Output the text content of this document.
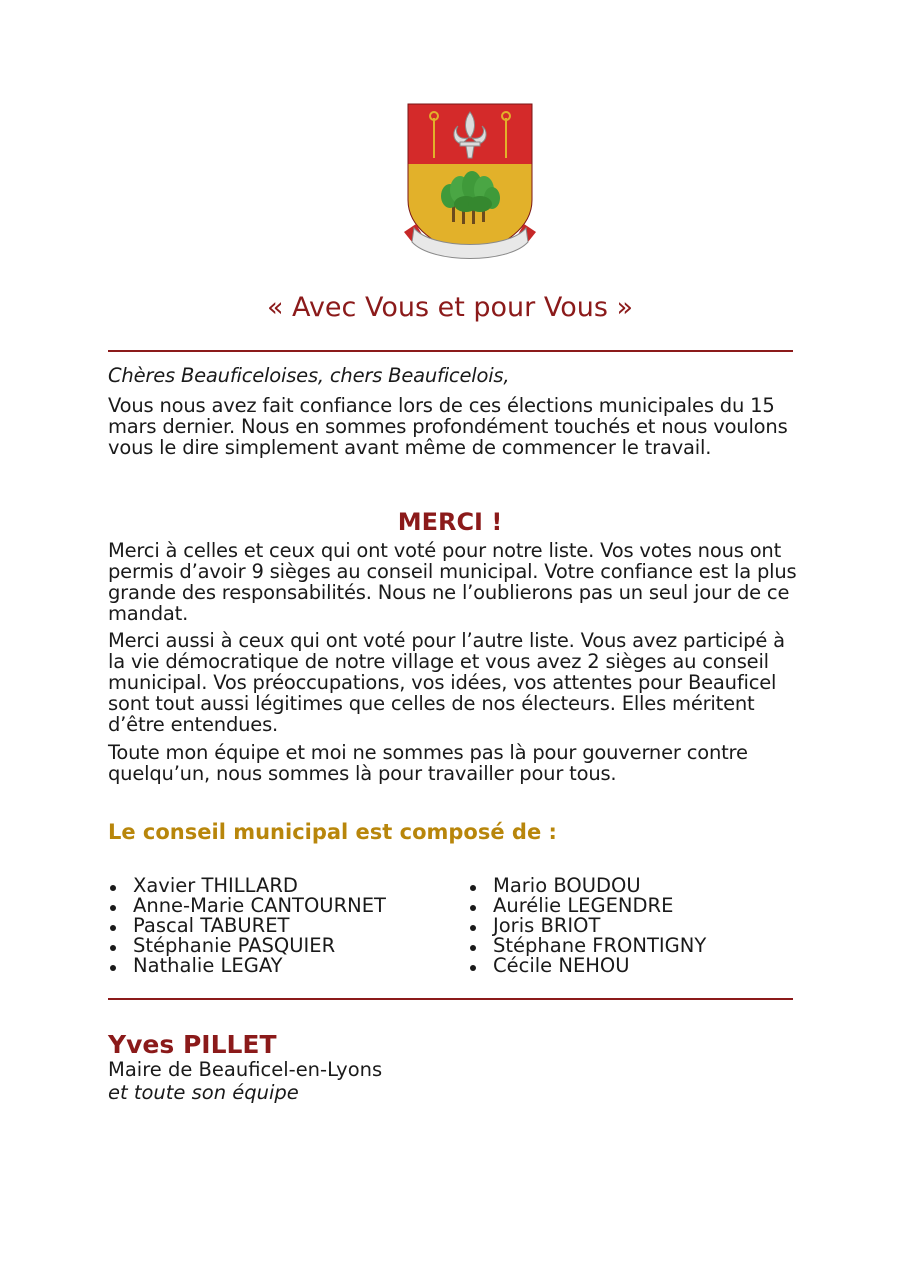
« Avec Vous et pour Vous »
Chères Beauficeloises, chers Beauficelois,
Vous nous avez fait confiance lors de ces élections municipales du 15 mars dernier. Nous en sommes profondément touchés et nous voulons vous le dire simplement avant même de commencer le travail.
MERCI !
Merci à celles et ceux qui ont voté pour notre liste. Vos votes nous ont permis d’avoir 9 sièges au conseil municipal. Votre confiance est la plus grande des responsabilités. Nous ne l’oublierons pas un seul jour de ce mandat.
Merci aussi à ceux qui ont voté pour l’autre liste. Vous avez participé à la vie démocratique de notre village et vous avez 2 sièges au conseil municipal. Vos préoccupations, vos idées, vos attentes pour Beauficel sont tout aussi légitimes que celles de nos électeurs. Elles méritent d’être entendues.
Toute mon équipe et moi ne sommes pas là pour gouverner contre quelqu’un, nous sommes là pour travailler pour tous.
Le conseil municipal est composé de :
Xavier THILLARD
Anne-Marie CANTOURNET
Pascal TABURET
Stéphanie PASQUIER
Nathalie LEGAY
Mario BOUDOU
Aurélie LEGENDRE
Joris BRIOT
Stéphane FRONTIGNY
Cécile NEHOU
Yves PILLET
Maire de Beauficel-en-Lyons
et toute son équipe
